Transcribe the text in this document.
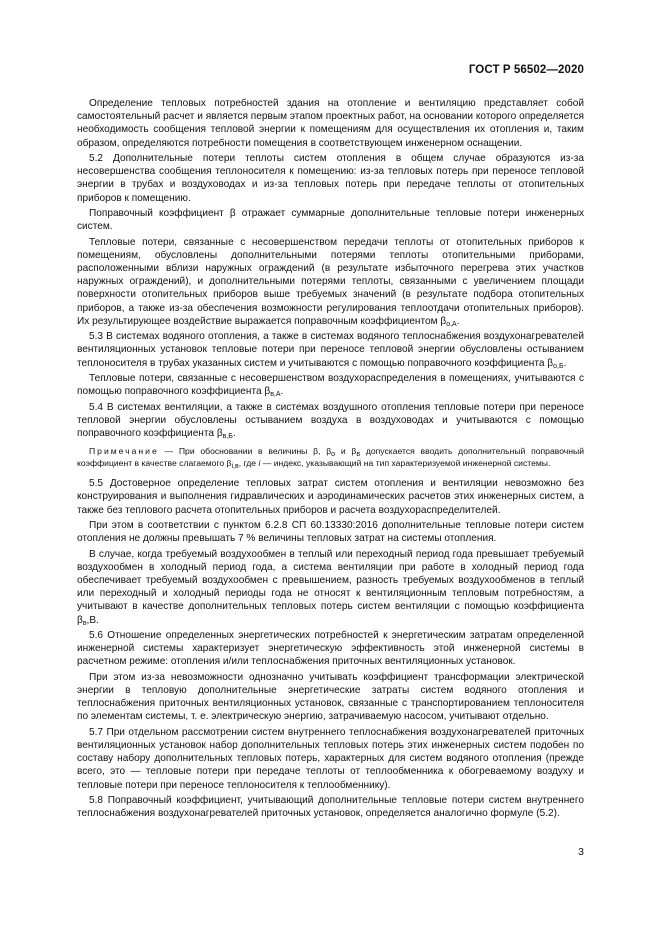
ГОСТ Р 56502—2020

Определение тепловых потребностей здания на отопление и вентиляцию представляет собой самостоятельный расчет и является первым этапом проектных работ, на основании которого определяется необходимость сообщения тепловой энергии к помещениям для осуществления их отопления и, таким образом, определяются потребности помещения в соответствующем инженерном оснащении.

5.2 Дополнительные потери теплоты систем отопления в общем случае образуются из-за несовершенства сообщения теплоносителя к помещению: из-за тепловых потерь при переносе тепловой энергии в трубах и воздуховодах и из-за тепловых потерь при передаче теплоты от отопительных приборов к помещению.

Поправочный коэффициент β отражает суммарные дополнительные тепловые потери инженерных систем.

Тепловые потери, связанные с несовершенством передачи теплоты от отопительных приборов к помещениям, обусловлены дополнительными потерями теплоты отопительными приборами, расположенными вблизи наружных ограждений (в результате избыточного перегрева этих участков наружных ограждений), и дополнительными потерями теплоты, связанными с увеличением площади поверхности отопительных приборов выше требуемых значений (в результате подбора отопительных приборов, а также из-за обеспечения возможности регулирования теплоотдачи отопительных приборов). Их результирующее воздействие выражается поправочным коэффициентом $\beta_{о,А}$.

5.3 В системах водяного отопления, а также в системах водяного теплоснабжения воздухонагревателей вентиляционных установок тепловые потери при переносе тепловой энергии обусловлены остыванием теплоносителя в трубах указанных систем и учитываются с помощью поправочного коэффициента $\beta_{о,Б}$.

Тепловые потери, связанные с несовершенством воздухораспределения в помещениях, учитываются с помощью поправочного коэффициента $\beta_{в,А}$.

5.4 В системах вентиляции, а также в системах воздушного отопления тепловые потери при переносе тепловой энергии обусловлены остыванием воздуха в воздуховодах и учитываются с помощью поправочного коэффициента $\beta_{в,Б}$.

Примечание — При обосновании в величины β, $\beta_о$ и $\beta_в$ допускается вводить дополнительный поправочный коэффициент в качестве слагаемого $\beta_{i,в}$, где i — индекс, указывающий на тип характеризуемой инженерной системы.

5.5 Достоверное определение тепловых затрат систем отопления и вентиляции невозможно без конструирования и выполнения гидравлических и аэродинамических расчетов этих инженерных систем, а также без теплового расчета отопительных приборов и расчета воздухораспределителей.

При этом в соответствии с пунктом 6.2.8 СП 60.13330:2016 дополнительные тепловые потери систем отопления не должны превышать 7 % величины тепловых затрат на системы отопления.

В случае, когда требуемый воздухообмен в теплый или переходный период года превышает требуемый воздухообмен в холодный период года, а система вентиляции при работе в холодный период года обеспечивает требуемый воздухообмен с превышением, разность требуемых воздухообменов в теплый или переходный и холодный периоды года не относят к вентиляционным тепловым потребностям, а учитывают в качестве дополнительных тепловых потерь систем вентиляции с помощью коэффициента $\beta_в,В$.

5.6 Отношение определенных энергетических потребностей к энергетическим затратам определенной инженерной системы характеризует энергетическую эффективность этой инженерной системы в расчетном режиме: отопления и/или теплоснабжения приточных вентиляционных установок.

При этом из-за невозможности однозначно учитывать коэффициент трансформации электрической энергии в тепловую дополнительные энергетические затраты систем водяного отопления и теплоснабжения приточных вентиляционных установок, связанные с транспортированием теплоносителя по элементам системы, т. е. электрическую энергию, затрачиваемую насосом, учитывают отдельно.

5.7 При отдельном рассмотрении систем внутреннего теплоснабжения воздухонагревателей приточных вентиляционных установок набор дополнительных тепловых потерь этих инженерных систем подобен по составу набору дополнительных тепловых потерь, характерных для систем водяного отопления (прежде всего, это — тепловые потери при передаче теплоты от теплообменника к обогреваемому воздуху и тепловые потери при переносе теплоносителя к теплообменнику).

5.8 Поправочный коэффициент, учитывающий дополнительные тепловые потери систем внутреннего теплоснабжения воздухонагревателей приточных установок, определяется аналогично формуле (5.2).

3
